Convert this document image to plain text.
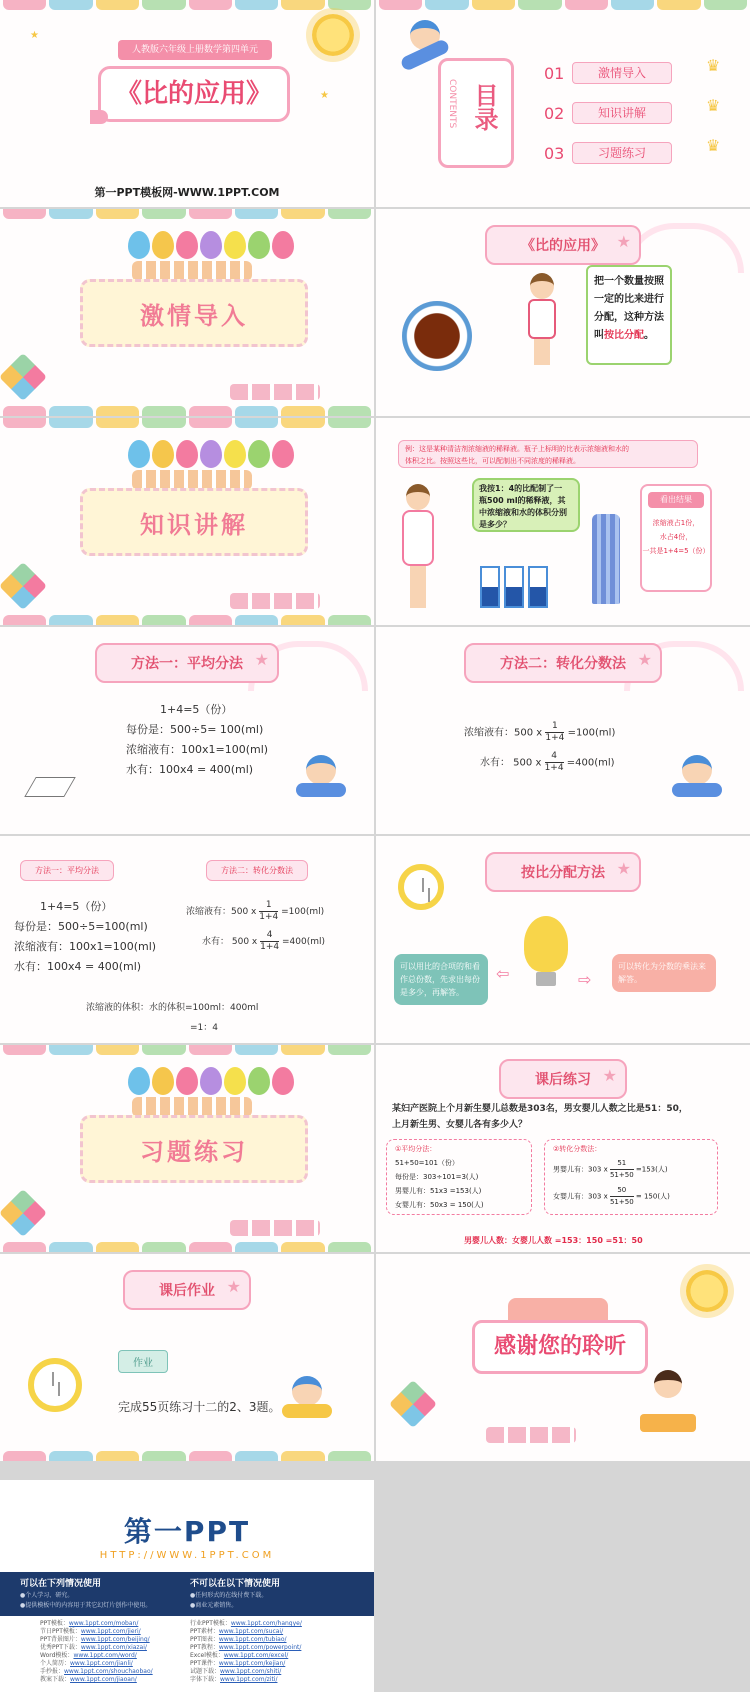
★
★
人教版六年级上册数学第四单元
《比的应用》
第一PPT模板网-WWW.1PPT.COM
CONTENTS 目录
01	激情导入
02	知识讲解
03	习题练习
♛
♛
♛
激情导入
《比的应用》 ★
把一个数量按照
一定的比来进行
分配，这种方法
叫按比分配。
知识讲解
例：这是某种清洁剂浓缩液的稀释液。瓶子上标明的比表示浓缩液和水的
体积之比。按照这些比，可以配制出不同浓度的稀释液。
我按1：4的比配制了一
瓶500 ml的稀释液，其
中浓缩液和水的体积分别
是多少？
1:3	1:4	1:5
看出结果
浓缩液占1份，
水占4份，
一共是1+4=5（份）
方法一：平均分法 ★
1+4=5（份）
每份是：500÷5= 100(ml)
浓缩液有：100x1=100(ml)
水有：100x4 = 400(ml)
方法二：转化分数法 ★
浓缩液有：500 x $\frac{1}{1+4} =100(ml)$
水有： 500 x $\frac{4}{1+4} =400(ml)$
方法一：平均分法	方法二：转化分数法
1+4=5（份）
每份是：500÷5=100(ml)
浓缩液有：100x1=100(ml)
水有：100x4 = 400(ml)
浓缩液有：500 x $\frac{1}{1+4} =100(ml)$
水有： 500 x $\frac{4}{1+4} =400(ml)$
浓缩液的体积：水的体积=100ml：400ml
=1：4
按比分配方法 ★
可以用比的合项的和看
作总份数，先求出每份
是多少，再解答。
⇦	⇨
可以转化为分数的乘法来
解答。
习题练习
课后练习 ★
某妇产医院上个月新生婴儿总数是303名，男女婴儿人数之比是51：50，
上月新生男、女婴儿各有多少人？
①平均分法：
51+50=101（份）
每份是：303÷101=3(人)
男婴儿有：51x3 =153(人)
女婴儿有：50x3 = 150(人)
②转化分数法：
男婴儿有：303 x $\frac{51}{51+50} =153$(人)
女婴儿有：303 x $\frac{50}{51+50} = 150$(人)
男婴儿人数：女婴儿人数 =153：150 =51：50
课后作业 ★
作业
完成55页练习十二的2、3题。
感谢您的聆听
第一PPT
HTTP://WWW.1PPT.COM
可以在下列情况使用
●个人学习、研究。
●提供模板中的内容用于其它幻灯片创作中使用。
不可以在以下情况使用
●任何形式的在线付费下载。
●商业元素销售。
PPT模板：www.1ppt.com/moban/
节日PPT模板：www.1ppt.com/jieri/
PPT背景图片：www.1ppt.com/beijing/
优秀PPT下载：www.1ppt.com/xiazai/
Word模板：www.1ppt.com/word/
个人简历：www.1ppt.com/jianli/
手抄报：www.1ppt.com/shouchaobao/
教案下载：www.1ppt.com/jiaoan/
行业PPT模板：www.1ppt.com/hangye/
PPT素材：www.1ppt.com/sucai/
PPT图表：www.1ppt.com/tubiao/
PPT教程：www.1ppt.com/powerpoint/
Excel模板：www.1ppt.com/excel/
PPT课件：www.1ppt.com/kejian/
试题下载：www.1ppt.com/shiti/
字体下载：www.1ppt.com/ziti/
